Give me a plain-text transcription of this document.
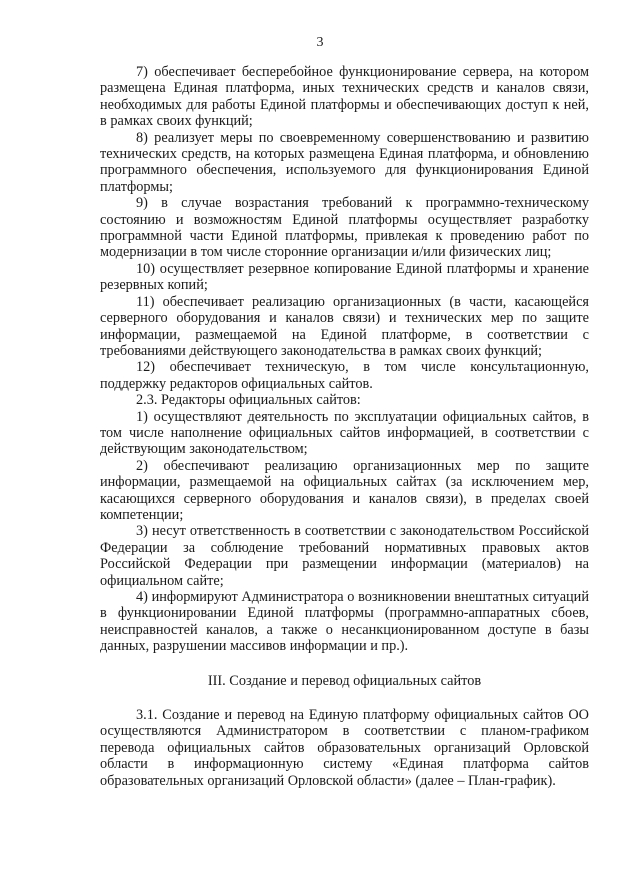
3

7) обеспечивает бесперебойное функционирование сервера, на котором размещена Единая платформа, иных технических средств и каналов связи, необходимых для работы Единой платформы и обеспечивающих доступ к ней, в рамках своих функций;

8) реализует меры по своевременному совершенствованию и развитию технических средств, на которых размещена Единая платформа, и обновлению программного обеспечения, используемого для функционирования Единой платформы;

9) в случае возрастания требований к программно-техническому состоянию и возможностям Единой платформы осуществляет разработку программной части Единой платформы, привлекая к проведению работ по модернизации в том числе сторонние организации и/или физических лиц;

10) осуществляет резервное копирование Единой платформы и хранение резервных копий;

11) обеспечивает реализацию организационных (в части, касающейся серверного оборудования и каналов связи) и технических мер по защите информации, размещаемой на Единой платформе, в соответствии с требованиями действующего законодательства в рамках своих функций;

12) обеспечивает техническую, в том числе консультационную, поддержку редакторов официальных сайтов.

2.3. Редакторы официальных сайтов:

1) осуществляют деятельность по эксплуатации официальных сайтов, в том числе наполнение официальных сайтов информацией, в соответствии с действующим законодательством;

2) обеспечивают реализацию организационных мер по защите информации, размещаемой на официальных сайтах (за исключением мер, касающихся серверного оборудования и каналов связи), в пределах своей компетенции;

3) несут ответственность в соответствии с законодательством Российской Федерации за соблюдение требований нормативных правовых актов Российской Федерации при размещении информации (материалов) на официальном сайте;

4) информируют Администратора о возникновении внештатных ситуаций в функционировании Единой платформы (программно-аппаратных сбоев, неисправностей каналов, а также о несанкционированном доступе в базы данных, разрушении массивов информации и пр.).

III. Создание и перевод официальных сайтов

3.1. Создание и перевод на Единую платформу официальных сайтов ОО осуществляются Администратором в соответствии с планом-графиком перевода официальных сайтов образовательных организаций Орловской области в информационную систему «Единая платформа сайтов образовательных организаций Орловской области» (далее – План-график).
